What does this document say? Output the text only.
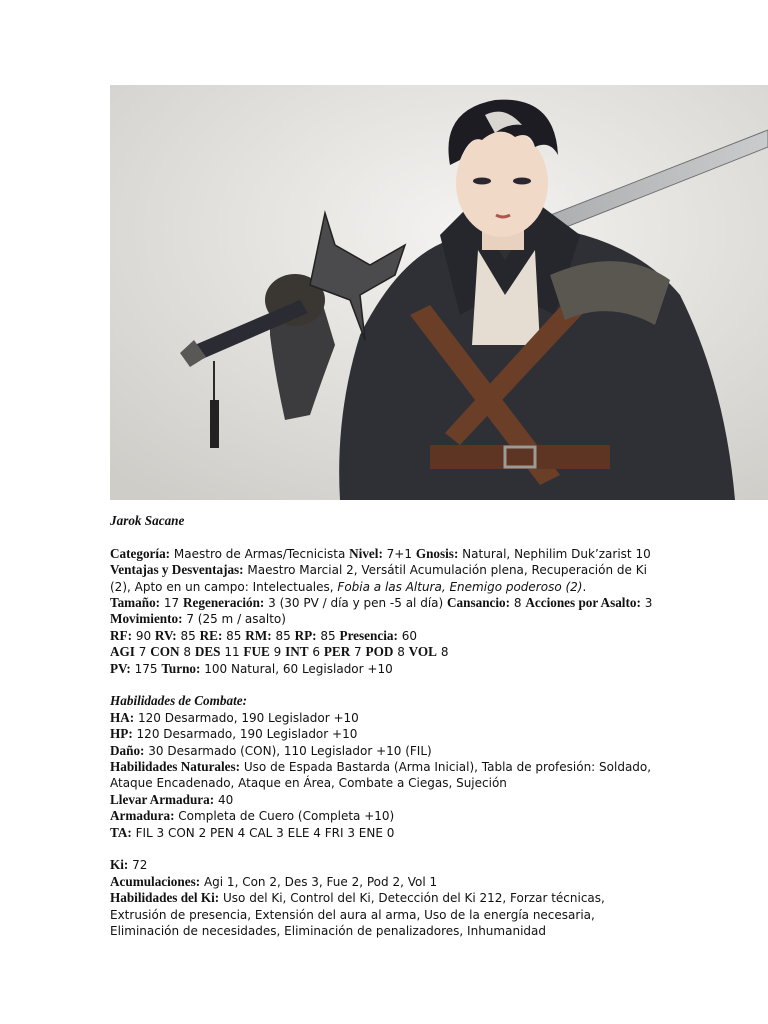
Jarok Sacane

Categoría: Maestro de Armas/Tecnicista Nivel: 7+1 Gnosis: Natural, Nephilim Duk’zarist 10

Ventajas y Desventajas: Maestro Marcial 2, Versátil Acumulación plena, Recuperación de Ki (2), Apto en un campo: Intelectuales, Fobia a las Altura, Enemigo poderoso (2).

Tamaño: 17 Regeneración: 3 (30 PV / día y pen -5 al día) Cansancio: 8 Acciones por Asalto: 3 Movimiento: 7 (25 m / asalto)

RF: 90 RV: 85 RE: 85 RM: 85 RP: 85 Presencia: 60

AGI 7 CON 8 DES 11 FUE 9 INT 6 PER 7 POD 8 VOL 8

PV: 175 Turno: 100 Natural, 60 Legislador +10

Habilidades de Combate:

HA: 120 Desarmado, 190 Legislador +10

HP: 120 Desarmado, 190 Legislador +10

Daño: 30 Desarmado (CON), 110 Legislador +10 (FIL)

Habilidades Naturales: Uso de Espada Bastarda (Arma Inicial), Tabla de profesión: Soldado, Ataque Encadenado, Ataque en Área, Combate a Ciegas, Sujeción

Llevar Armadura: 40

Armadura: Completa de Cuero (Completa +10)

TA: FIL 3 CON 2 PEN 4 CAL 3 ELE 4 FRI 3 ENE 0

Ki: 72

Acumulaciones: Agi 1, Con 2, Des 3, Fue 2, Pod 2, Vol 1

Habilidades del Ki: Uso del Ki, Control del Ki, Detección del Ki 212, Forzar técnicas, Extrusión de presencia, Extensión del aura al arma, Uso de la energía necesaria, Eliminación de necesidades, Eliminación de penalizadores, Inhumanidad
